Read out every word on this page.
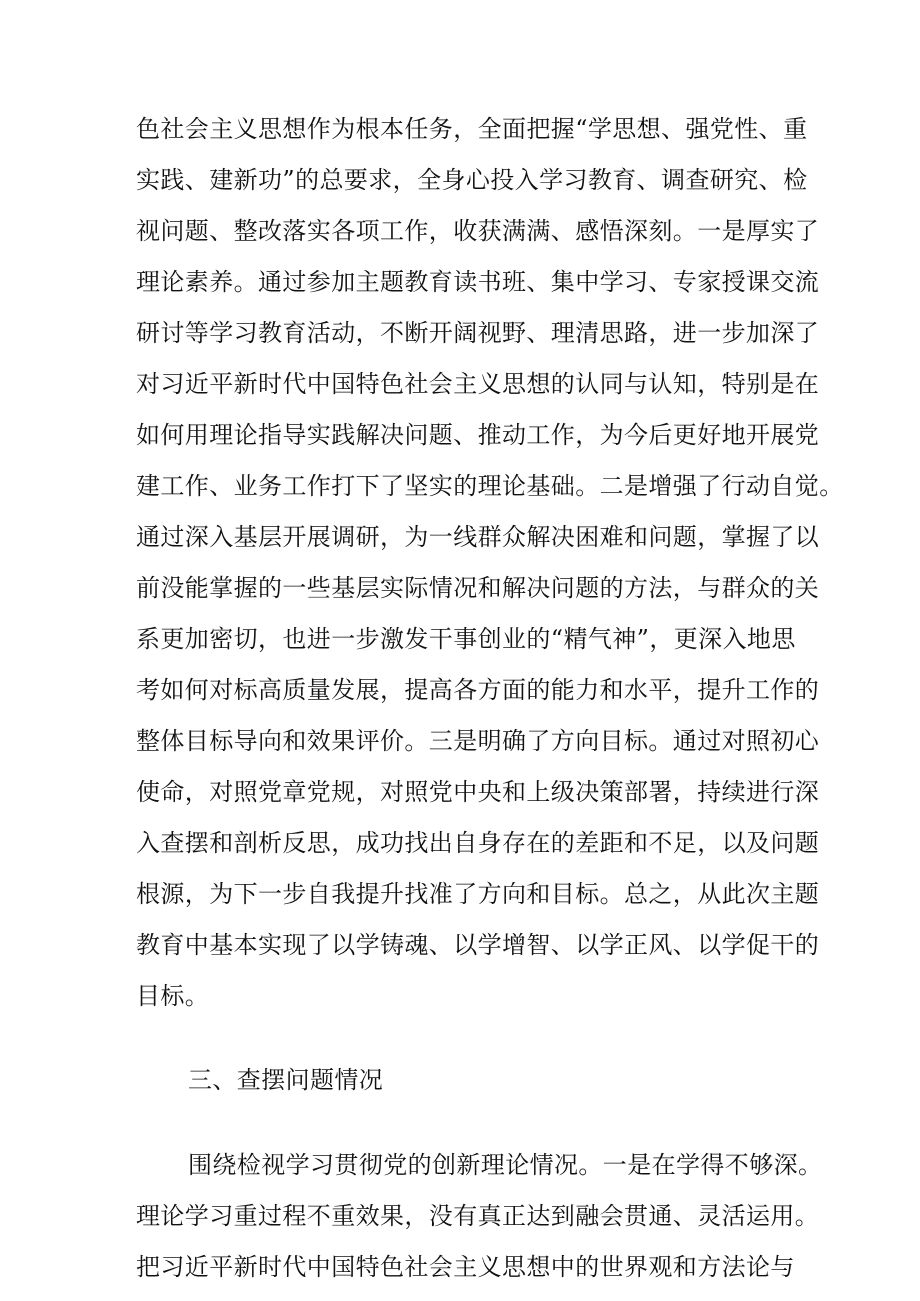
色社会主义思想作为根本任务，全面把握“学思想、强党性、重

实践、建新功”的总要求，全身心投入学习教育、调查研究、检

视问题、整改落实各项工作，收获满满、感悟深刻。一是厚实了

理论素养。通过参加主题教育读书班、集中学习、专家授课交流

研讨等学习教育活动，不断开阔视野、理清思路，进一步加深了

对习近平新时代中国特色社会主义思想的认同与认知，特别是在

如何用理论指导实践解决问题、推动工作，为今后更好地开展党

建工作、业务工作打下了坚实的理论基础。二是增强了行动自觉。

通过深入基层开展调研，为一线群众解决困难和问题，掌握了以

前没能掌握的一些基层实际情况和解决问题的方法，与群众的关

系更加密切，也进一步激发干事创业的“精气神”，更深入地思

考如何对标高质量发展，提高各方面的能力和水平，提升工作的

整体目标导向和效果评价。三是明确了方向目标。通过对照初心

使命，对照党章党规，对照党中央和上级决策部署，持续进行深

入查摆和剖析反思，成功找出自身存在的差距和不足，以及问题

根源，为下一步自我提升找准了方向和目标。总之，从此次主题

教育中基本实现了以学铸魂、以学增智、以学正风、以学促干的

目标。

三、查摆问题情况

围绕检视学习贯彻党的创新理论情况。一是在学得不够深。

理论学习重过程不重效果，没有真正达到融会贯通、灵活运用。

把习近平新时代中国特色社会主义思想中的世界观和方法论与
